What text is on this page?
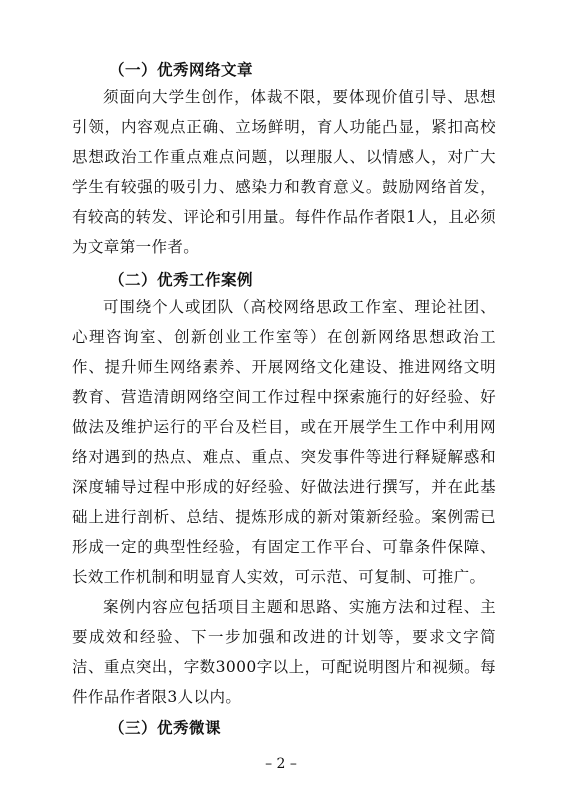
（一）优秀网络文章

须面向大学生创作，体裁不限，要体现价值引导、思想引领，内容观点正确、立场鲜明，育人功能凸显，紧扣高校思想政治工作重点难点问题，以理服人、以情感人，对广大学生有较强的吸引力、感染力和教育意义。鼓励网络首发，有较高的转发、评论和引用量。每件作品作者限1人，且必须为文章第一作者。

（二）优秀工作案例

可围绕个人或团队（高校网络思政工作室、理论社团、心理咨询室、创新创业工作室等）在创新网络思想政治工作、提升师生网络素养、开展网络文化建设、推进网络文明教育、营造清朗网络空间工作过程中探索施行的好经验、好做法及维护运行的平台及栏目，或在开展学生工作中利用网络对遇到的热点、难点、重点、突发事件等进行释疑解惑和深度辅导过程中形成的好经验、好做法进行撰写，并在此基础上进行剖析、总结、提炼形成的新对策新经验。案例需已形成一定的典型性经验，有固定工作平台、可靠条件保障、长效工作机制和明显育人实效，可示范、可复制、可推广。

案例内容应包括项目主题和思路、实施方法和过程、主要成效和经验、下一步加强和改进的计划等，要求文字简洁、重点突出，字数3000字以上，可配说明图片和视频。每件作品作者限3人以内。

（三）优秀微课
– 2 –
